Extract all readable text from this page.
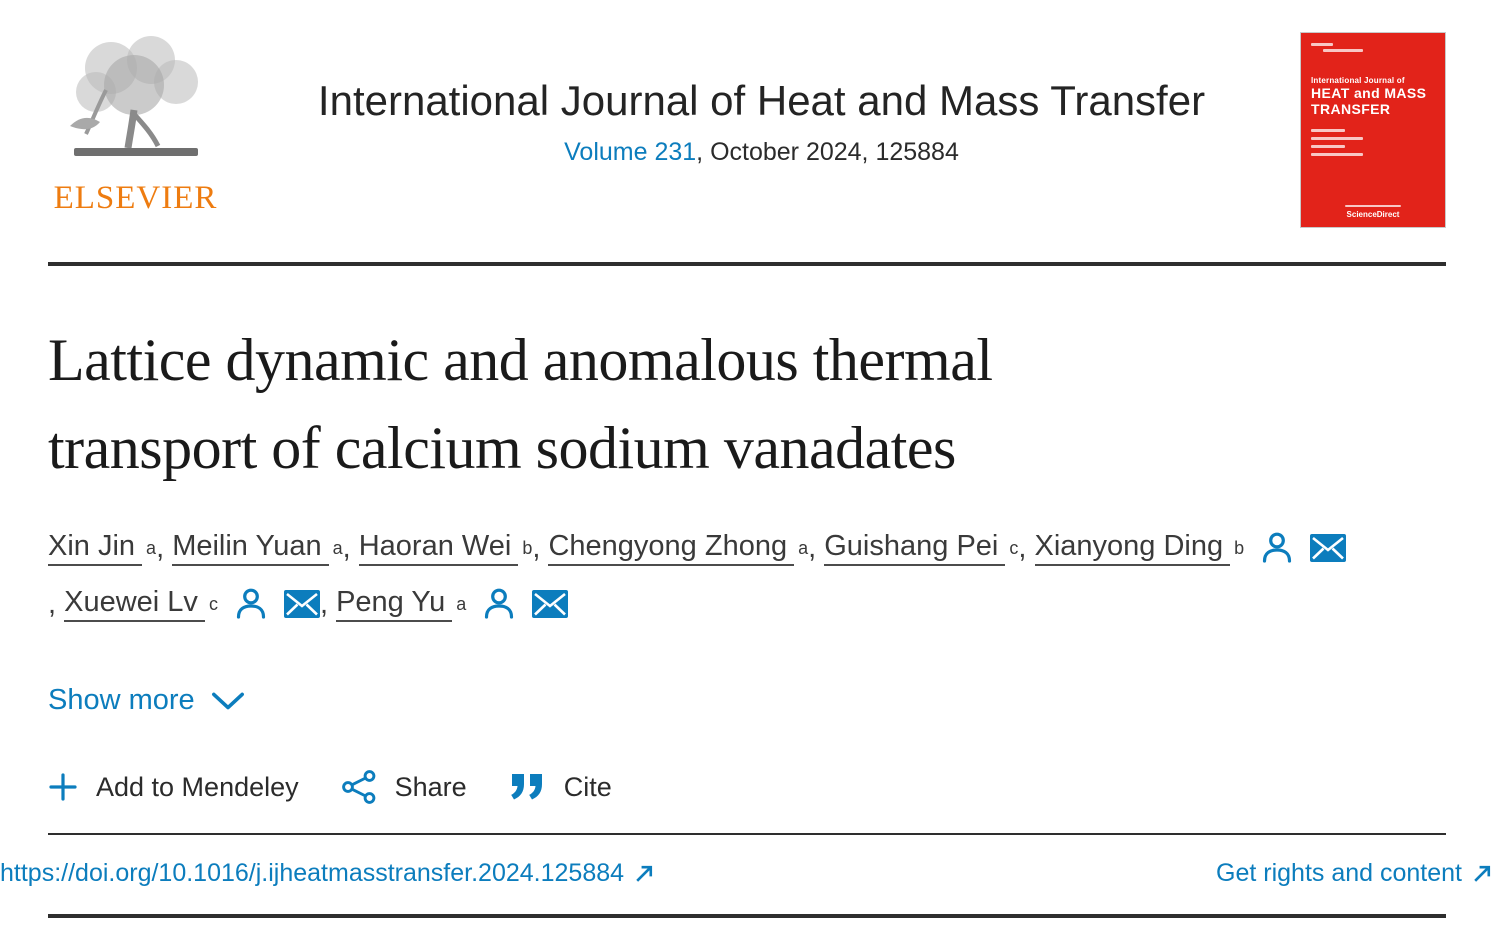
ELSEVIER
International Journal of Heat and Mass Transfer
Volume 231, October 2024, 125884
International Journal of
HEAT and MASS
TRANSFER
ScienceDirect
Lattice dynamic and anomalous thermal
transport of calcium sodium vanadates
Xin Jin a , Meilin Yuan a , Haoran Wei b , Chengyong Zhong a , Guishang Pei c , Xianyong Ding b
, Xuewei Lv c	, Peng Yu a
Show more
Add to Mendeley	Share	Cite
https://doi.org/10.1016/j.ijheatmasstransfer.2024.125884	Get rights and content
